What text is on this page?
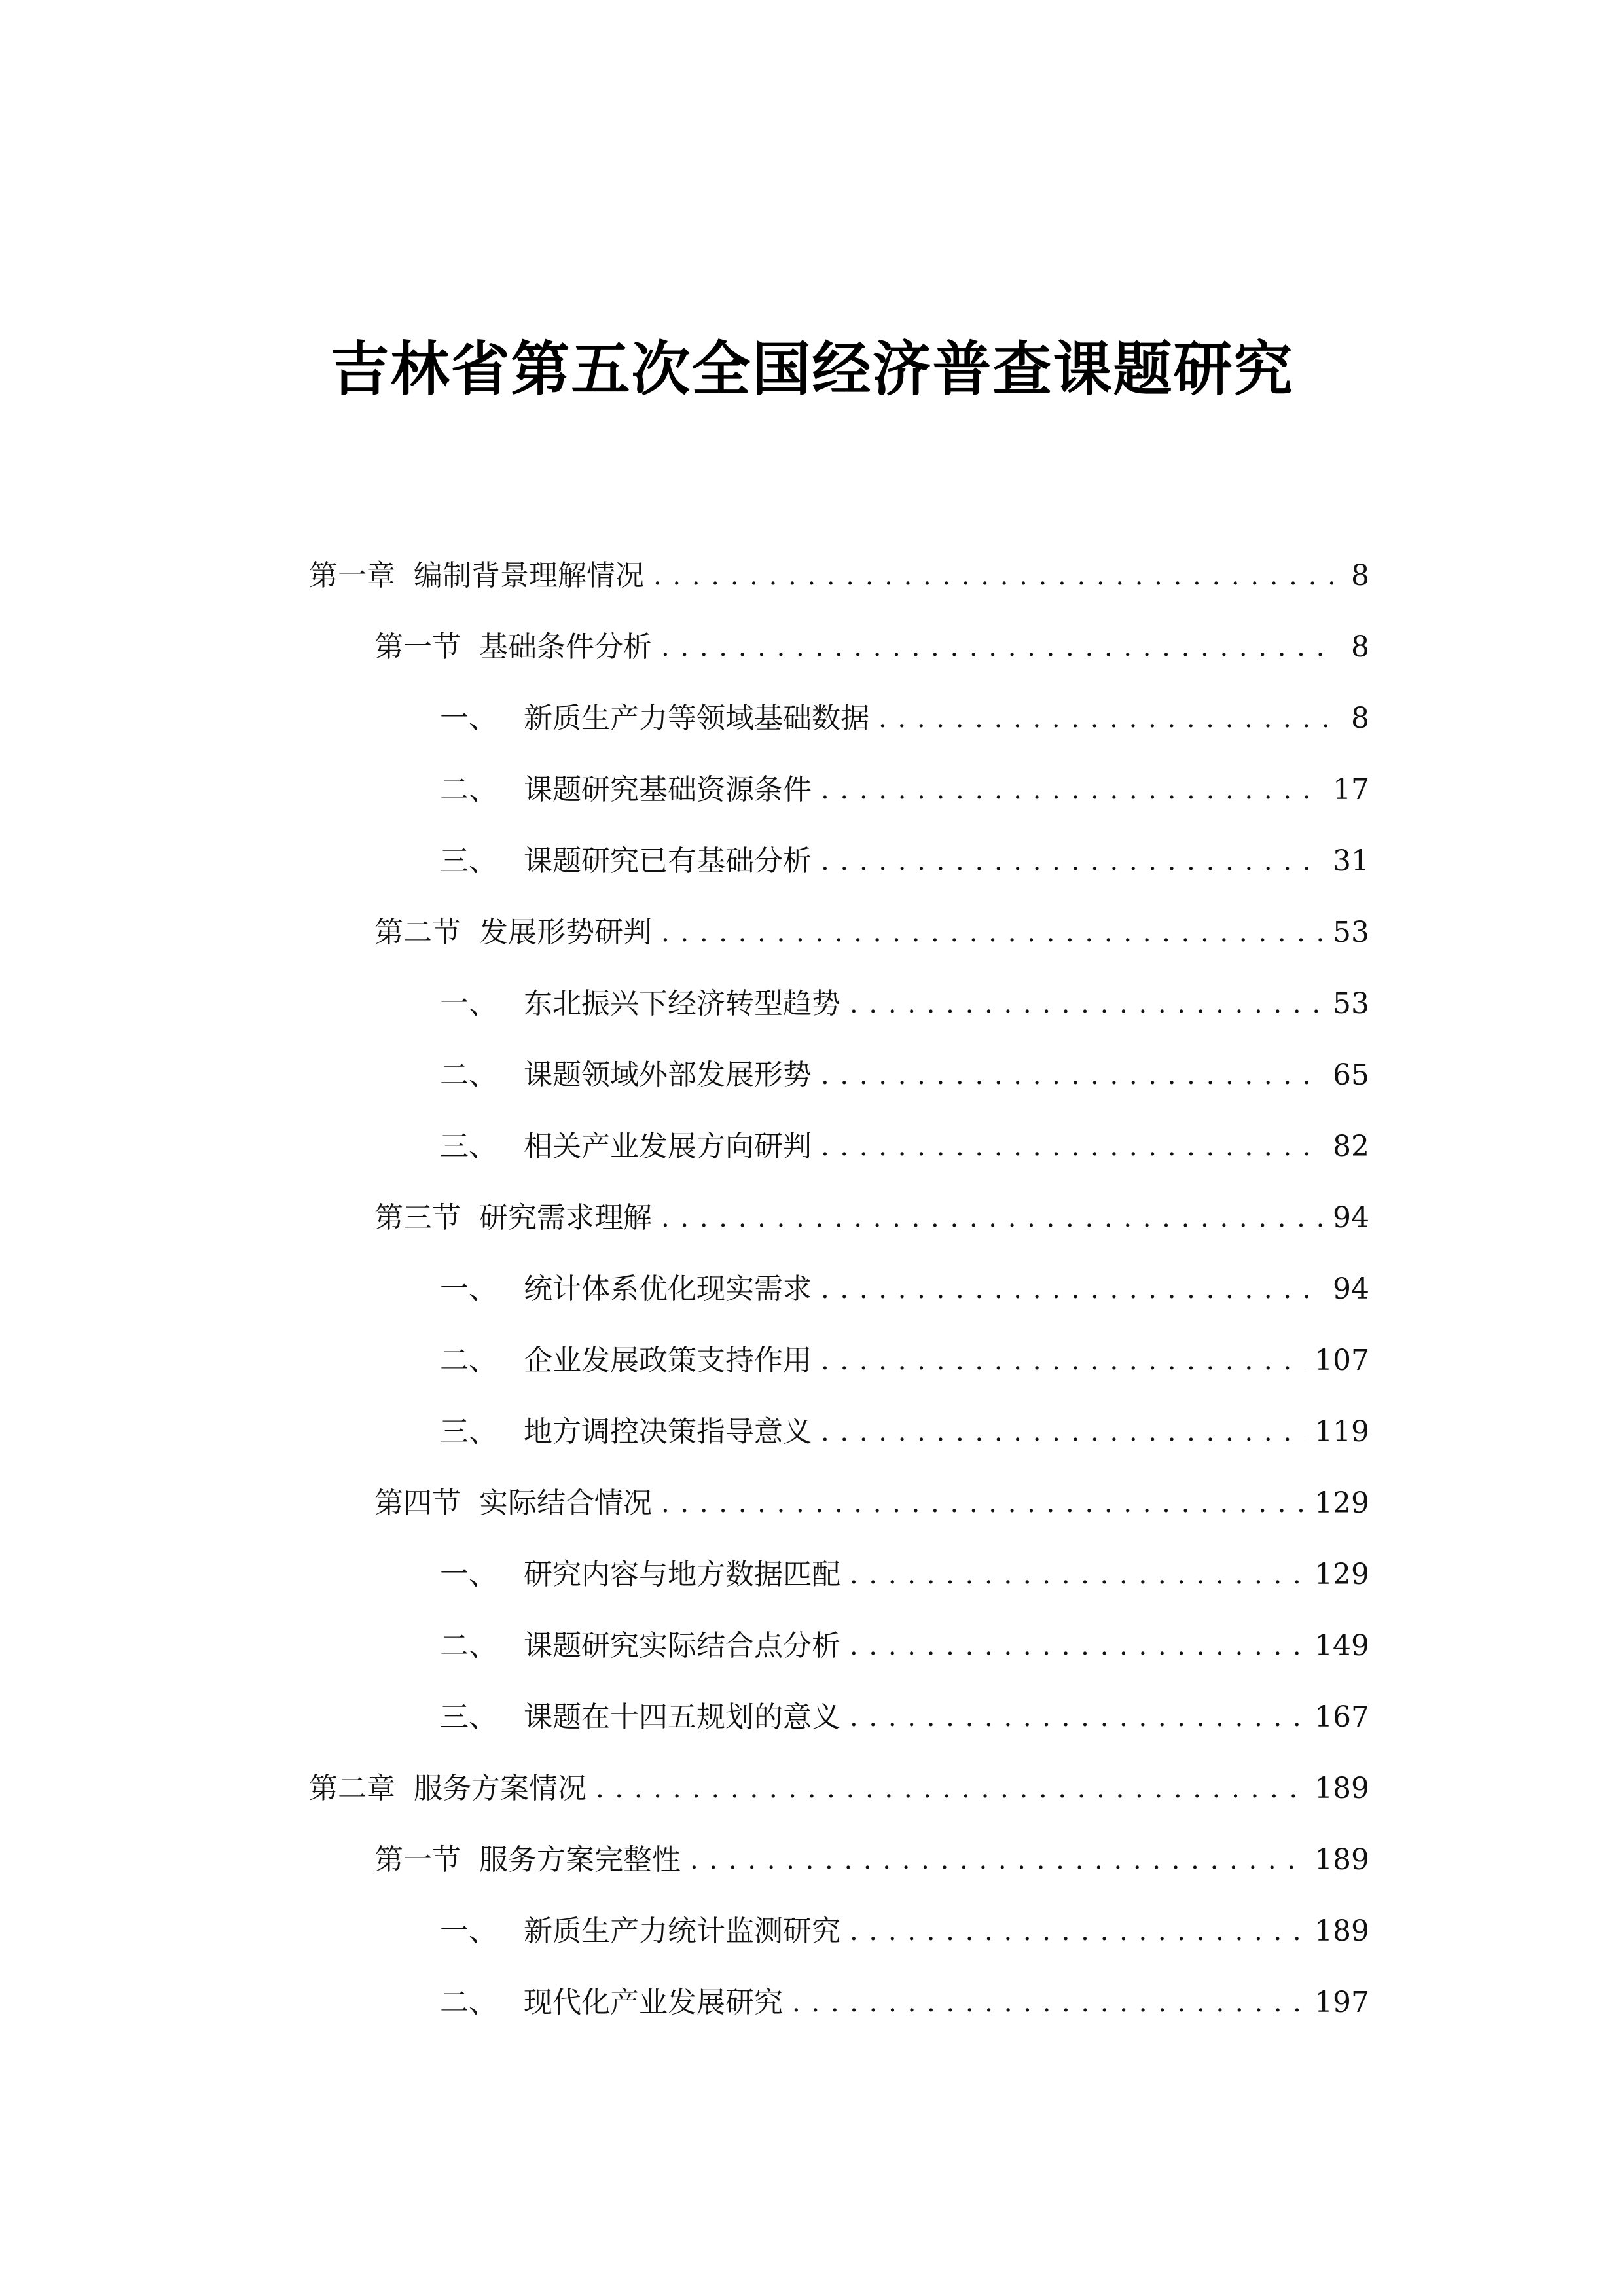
吉林省第五次全国经济普查课题研究
第一章 编制背景理解情况 . . .	8
第一节 基础条件分析 . . .	8
一、 新质生产力等领域基础数据 . . .	8
二、 课题研究基础资源条件 . . .	17
三、 课题研究已有基础分析 . . .	31
第二节 发展形势研判 . . .	53
一、 东北振兴下经济转型趋势 . . .	53
二、 课题领域外部发展形势 . . .	65
三、 相关产业发展方向研判 . . .	82
第三节 研究需求理解 . . .	94
一、 统计体系优化现实需求 . . .	94
二、 企业发展政策支持作用 . . .	107
三、 地方调控决策指导意义 . . .	119
第四节 实际结合情况 . . .	129
一、 研究内容与地方数据匹配 . . .	129
二、 课题研究实际结合点分析 . . .	149
三、 课题在十四五规划的意义 . . .	167
第二章 服务方案情况 . . .	189
第一节 服务方案完整性 . . .	189
一、 新质生产力统计监测研究 . . .	189
二、 现代化产业发展研究 . . .	197
